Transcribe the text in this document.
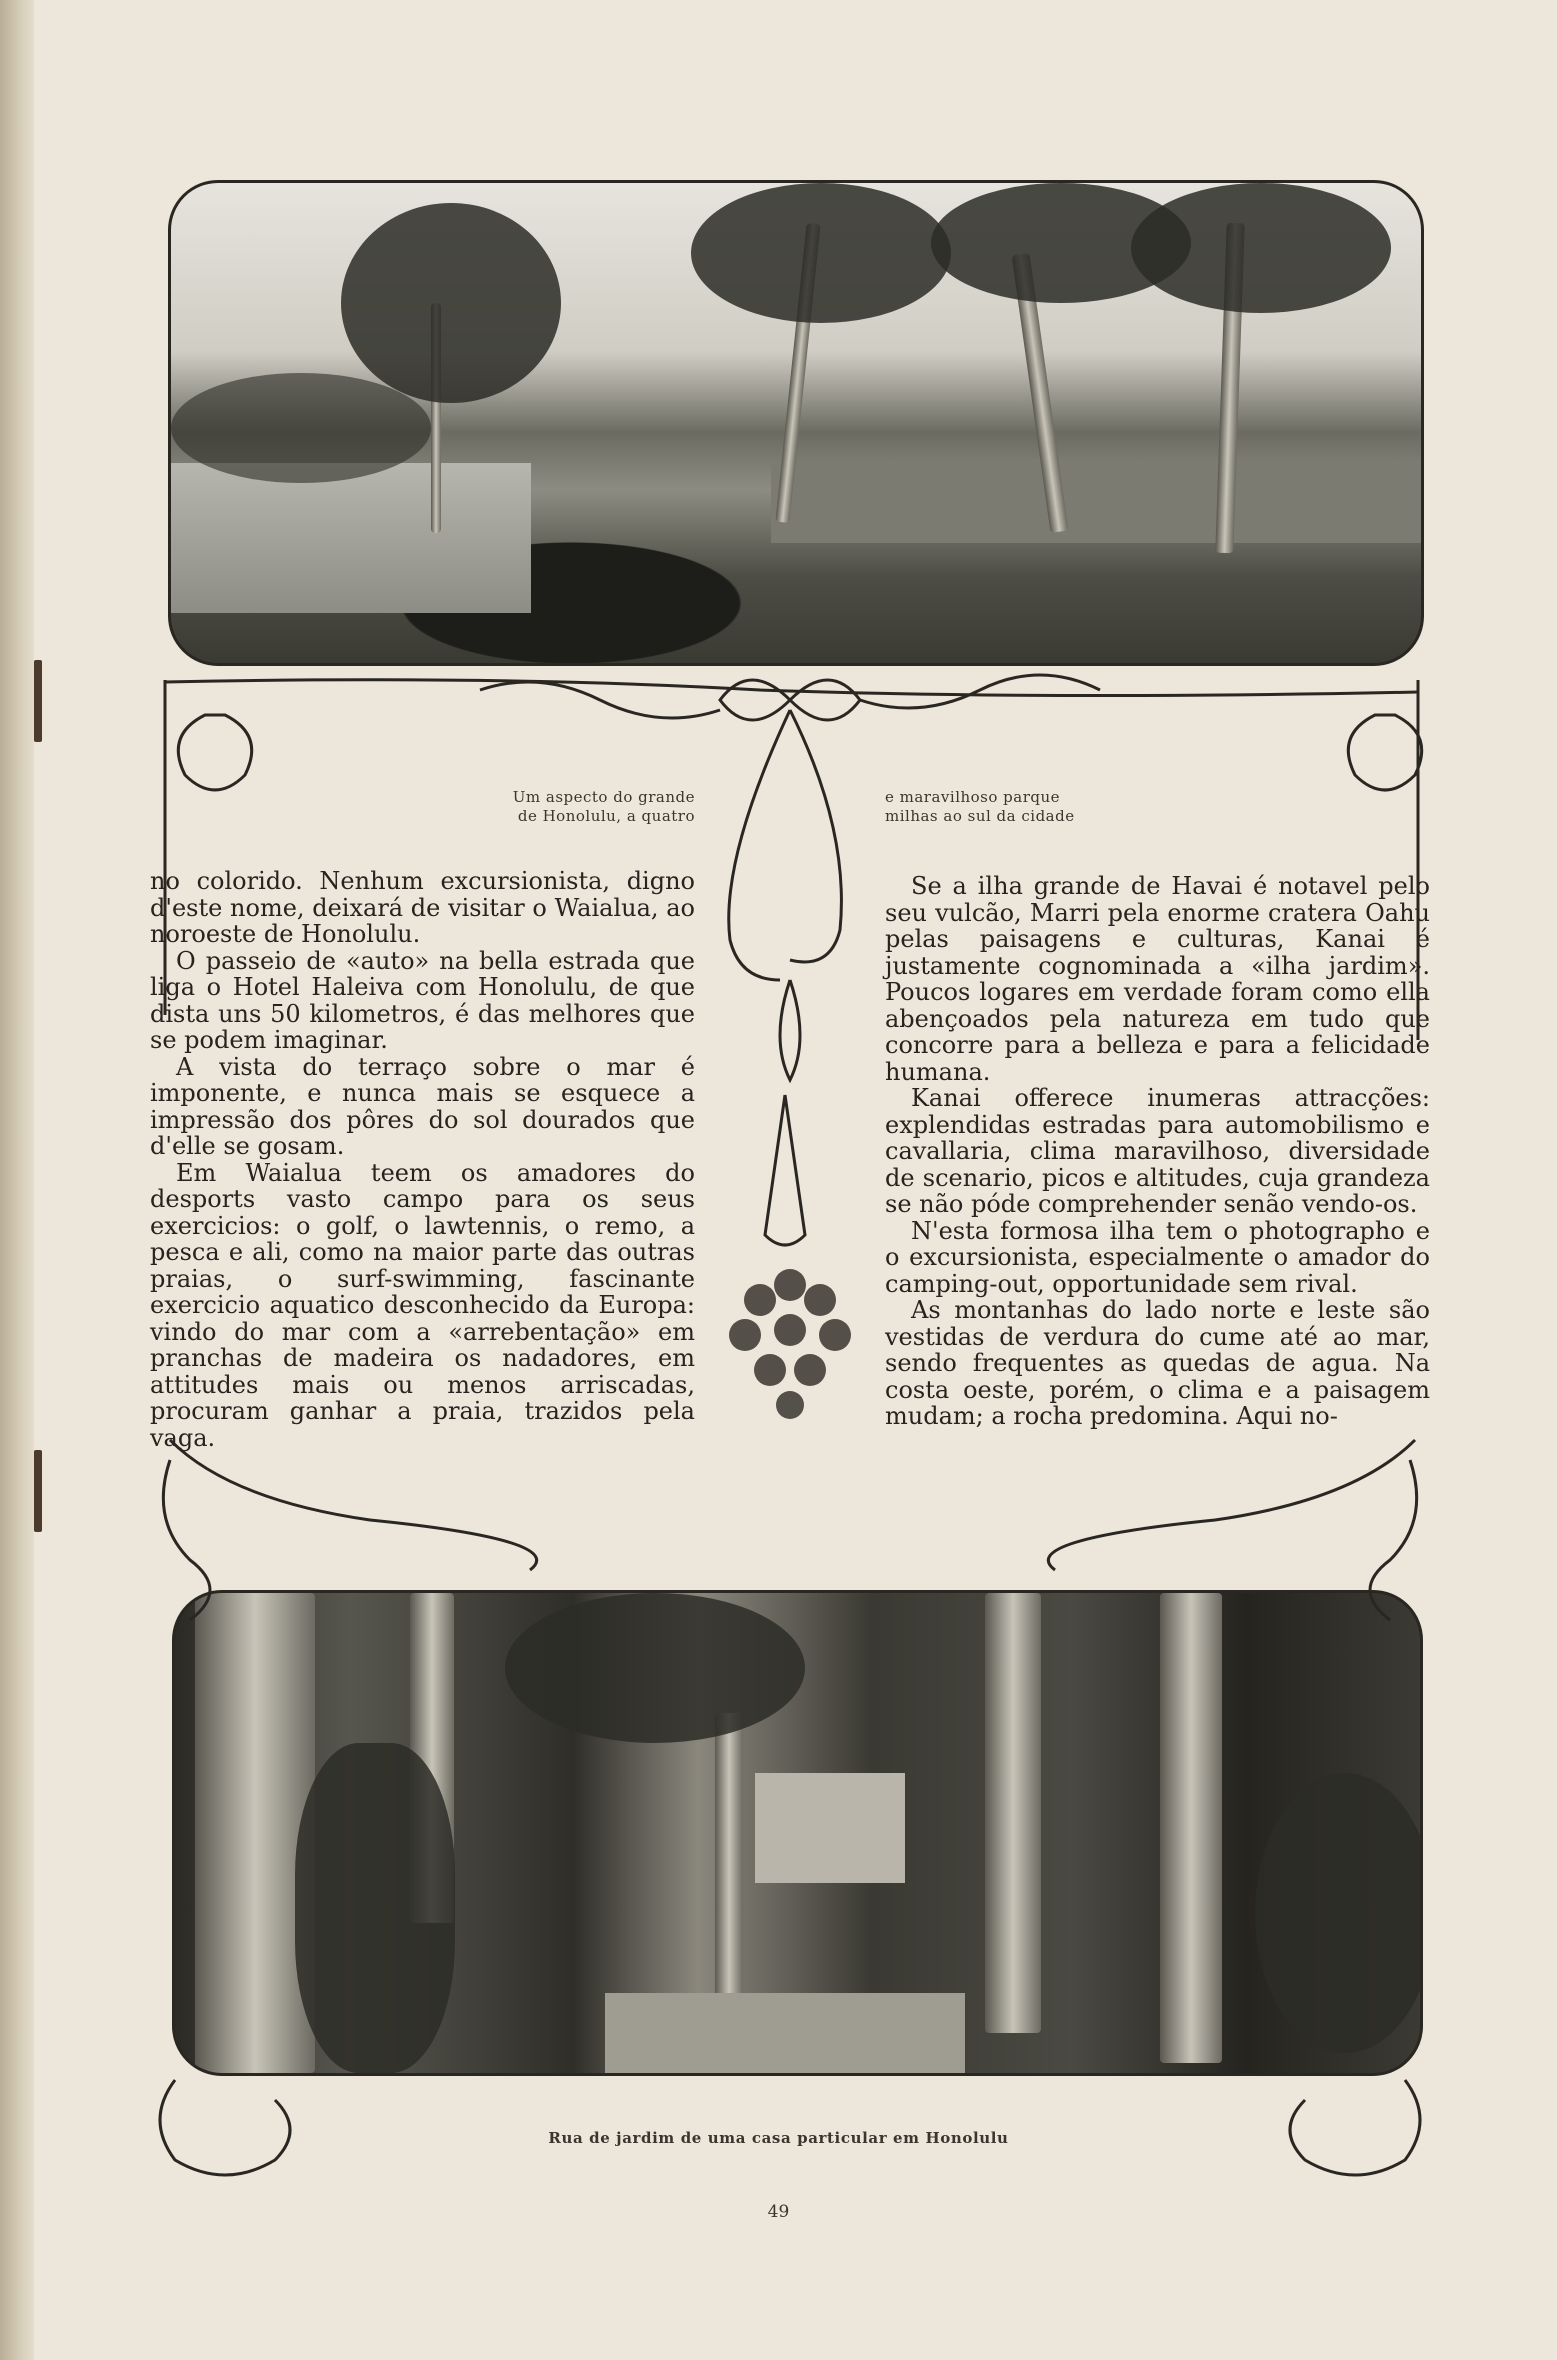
Um aspecto do grande
de Honolulu, a quatro
e maravilhoso parque
milhas ao sul da cidade

no colorido. Nenhum excursionista, digno d'este nome, deixará de visitar o Waialua, ao noroeste de Honolulu.

O passeio de «auto» na bella estrada que liga o Hotel Haleiva com Honolulu, de que dista uns 50 kilometros, é das melhores que se podem imaginar.

A vista do terraço sobre o mar é imponente, e nunca mais se esquece a impressão dos pôres do sol dourados que d'elle se gosam.

Em Waialua teem os amadores do desports vasto campo para os seus exercicios: o golf, o lawtennis, o remo, a pesca e ali, como na maior parte das outras praias, o surf-swimming, fascinante exercicio aquatico desconhecido da Europa: vindo do mar com a «arrebentação» em pranchas de madeira os nadadores, em attitudes mais ou menos arriscadas, procuram ganhar a praia, trazidos pela vaga.

Se a ilha grande de Havai é notavel pelo seu vulcão, Marri pela enorme cratera Oahu pelas paisagens e culturas, Kanai é justamente cognominada a «ilha jardim». Poucos logares em verdade foram como ella abençoados pela natureza em tudo que concorre para a belleza e para a felicidade humana.

Kanai offerece inumeras attracções: explendidas estradas para automobilismo e cavallaria, clima maravilhoso, diversidade de scenario, picos e altitudes, cuja grandeza se não póde comprehender senão vendo-os.

N'esta formosa ilha tem o photographo e o excursionista, especialmente o amador do camping-out, opportunidade sem rival.

As montanhas do lado norte e leste são vestidas de verdura do cume até ao mar, sendo frequentes as quedas de agua. Na costa oeste, porém, o clima e a paisagem mudam; a rocha predomina. Aqui no-

Rua de jardim de uma casa particular em Honolulu
49
